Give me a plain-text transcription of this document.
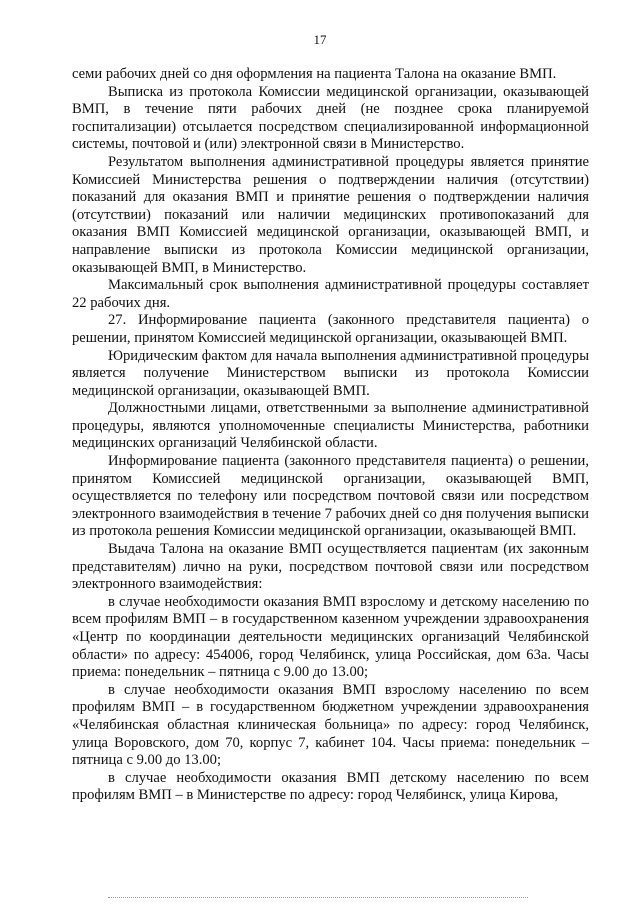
17

семи рабочих дней со дня оформления на пациента Талона на оказание ВМП.

Выписка из протокола Комиссии медицинской организации, оказывающей ВМП, в течение пяти рабочих дней (не позднее срока планируемой госпитализации) отсылается посредством специализированной информационной системы, почтовой и (или) электронной связи в Министерство.

Результатом выполнения административной процедуры является принятие Комиссией Министерства решения о подтверждении наличия (отсутствии) показаний для оказания ВМП и принятие решения о подтверждении наличия (отсутствии) показаний или наличии медицинских противопоказаний для оказания ВМП Комиссией медицинской организации, оказывающей ВМП, и направление выписки из протокола Комиссии медицинской организации, оказывающей ВМП, в Министерство.

Максимальный срок выполнения административной процедуры составляет 22 рабочих дня.

27. Информирование пациента (законного представителя пациента) о решении, принятом Комиссией медицинской организации, оказывающей ВМП.

Юридическим фактом для начала выполнения административной процедуры является получение Министерством выписки из протокола Комиссии медицинской организации, оказывающей ВМП.

Должностными лицами, ответственными за выполнение административной процедуры, являются уполномоченные специалисты Министерства, работники медицинских организаций Челябинской области.

Информирование пациента (законного представителя пациента) о решении, принятом Комиссией медицинской организации, оказывающей ВМП, осуществляется по телефону или посредством почтовой связи или посредством электронного взаимодействия в течение 7 рабочих дней со дня получения выписки из протокола решения Комиссии медицинской организации, оказывающей ВМП.

Выдача Талона на оказание ВМП осуществляется пациентам (их законным представителям) лично на руки, посредством почтовой связи или посредством электронного взаимодействия:

в случае необходимости оказания ВМП взрослому и детскому населению по всем профилям ВМП – в государственном казенном учреждении здравоохранения «Центр по координации деятельности медицинских организаций Челябинской области» по адресу: 454006, город Челябинск, улица Российская, дом 63а. Часы приема: понедельник – пятница с 9.00 до 13.00;

в случае необходимости оказания ВМП взрослому населению по всем профилям ВМП – в государственном бюджетном учреждении здравоохранения «Челябинская областная клиническая больница» по адресу: город Челябинск, улица Воровского, дом 70, корпус 7, кабинет 104. Часы приема: понедельник – пятница с 9.00 до 13.00;

в случае необходимости оказания ВМП детскому населению по всем профилям ВМП – в Министерстве по адресу: город Челябинск, улица Кирова,
